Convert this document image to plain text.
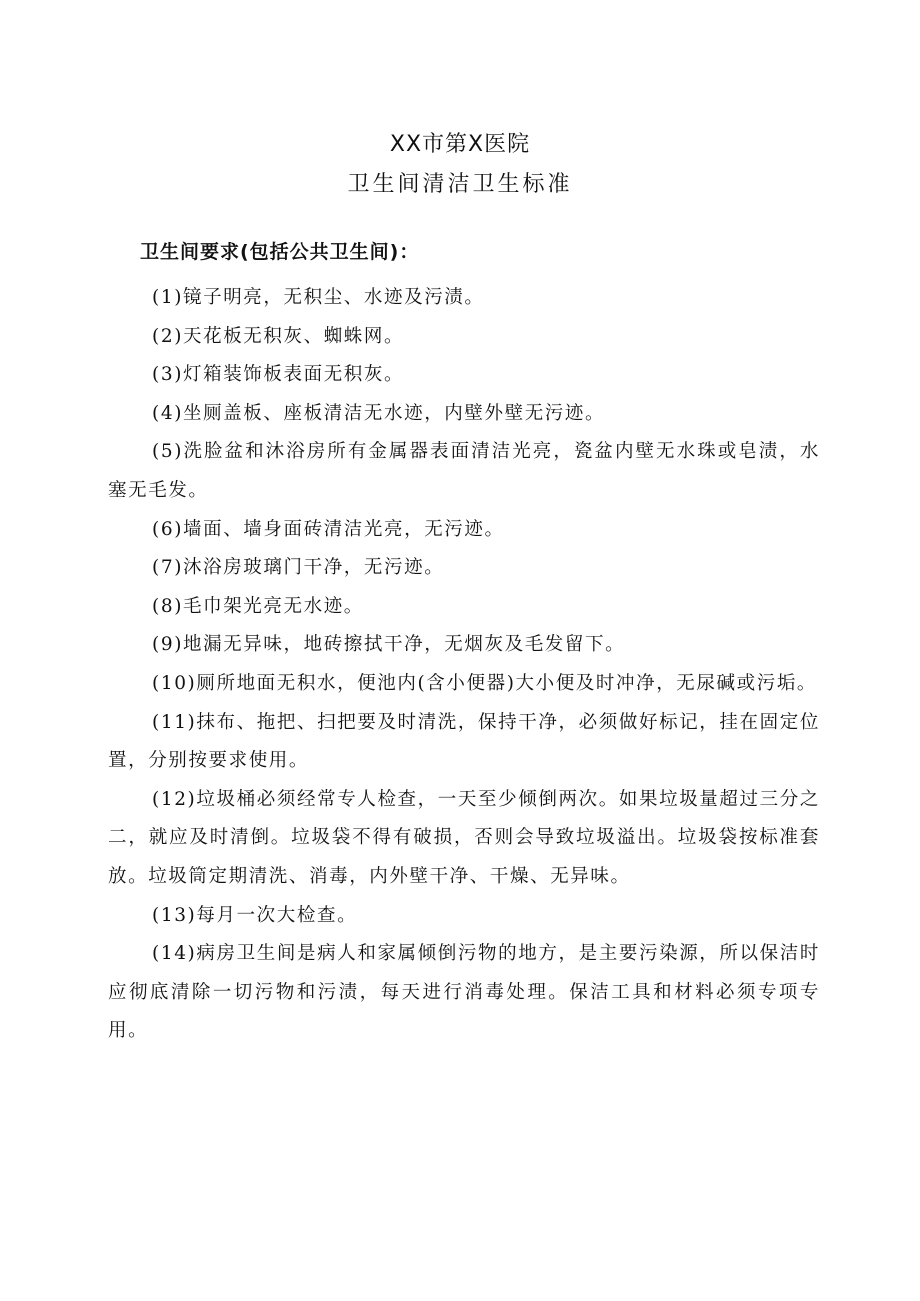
XX市第X医院
卫生间清洁卫生标准
卫生间要求(包括公共卫生间)：
(1)镜子明亮，无积尘、水迹及污渍。
(2)天花板无积灰、蜘蛛网。
(3)灯箱装饰板表面无积灰。
(4)坐厕盖板、座板清洁无水迹，内壁外壁无污迹。
(5)洗脸盆和沐浴房所有金属器表面清洁光亮，瓷盆内壁无水珠或皂渍，水塞无毛发。
(6)墙面、墙身面砖清洁光亮，无污迹。
(7)沐浴房玻璃门干净，无污迹。
(8)毛巾架光亮无水迹。
(9)地漏无异味，地砖擦拭干净，无烟灰及毛发留下。
(10)厕所地面无积水，便池内(含小便器)大小便及时冲净，无尿碱或污垢。
(11)抹布、拖把、扫把要及时清洗，保持干净，必须做好标记，挂在固定位置，分别按要求使用。
(12)垃圾桶必须经常专人检查，一天至少倾倒两次。如果垃圾量超过三分之二，就应及时清倒。垃圾袋不得有破损，否则会导致垃圾溢出。垃圾袋按标准套放。垃圾筒定期清洗、消毒，内外壁干净、干燥、无异味。
(13)每月一次大检查。
(14)病房卫生间是病人和家属倾倒污物的地方，是主要污染源，所以保洁时应彻底清除一切污物和污渍，每天进行消毒处理。保洁工具和材料必须专项专用。
